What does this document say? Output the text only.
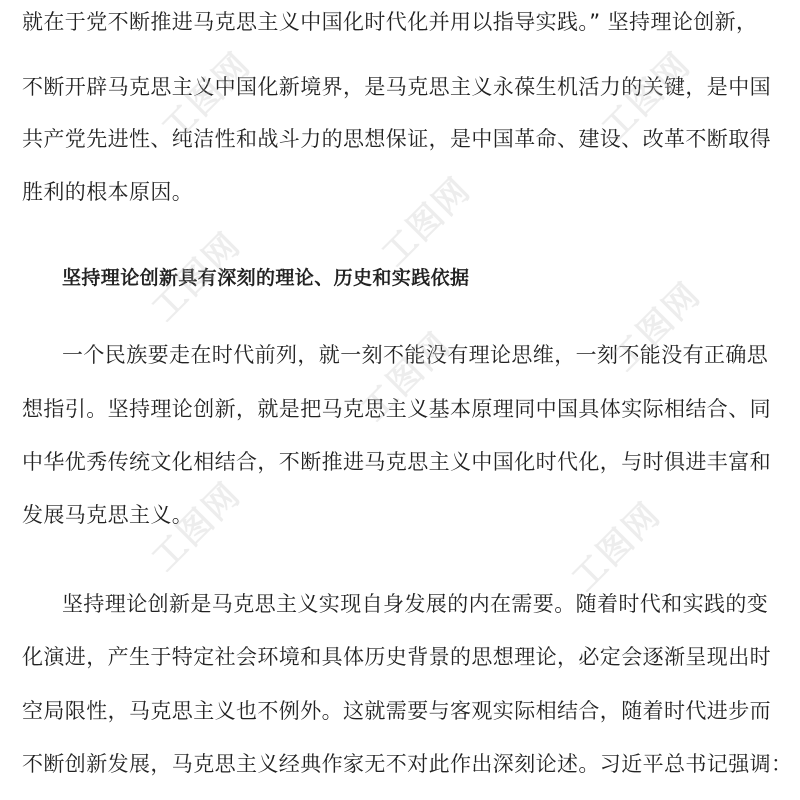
就在于党不断推进马克思主义中国化时代化并用以指导实践。” 坚持理论创新，
不断开辟马克思主义中国化新境界，是马克思主义永葆生机活力的关键，是中国
共产党先进性、纯洁性和战斗力的思想保证，是中国革命、建设、改革不断取得
胜利的根本原因。
坚持理论创新具有深刻的理论、历史和实践依据
一个民族要走在时代前列，就一刻不能没有理论思维，一刻不能没有正确思
想指引。坚持理论创新，就是把马克思主义基本原理同中国具体实际相结合、同
中华优秀传统文化相结合，不断推进马克思主义中国化时代化，与时俱进丰富和
发展马克思主义。
坚持理论创新是马克思主义实现自身发展的内在需要。随着时代和实践的变
化演进，产生于特定社会环境和具体历史背景的思想理论，必定会逐渐呈现出时
空局限性，马克思主义也不例外。这就需要与客观实际相结合，随着时代进步而
不断创新发展，马克思主义经典作家无不对此作出深刻论述。习近平总书记强调：
工图网
工图网
工图网
工图网
工图网
工图网
工图网	工图网
